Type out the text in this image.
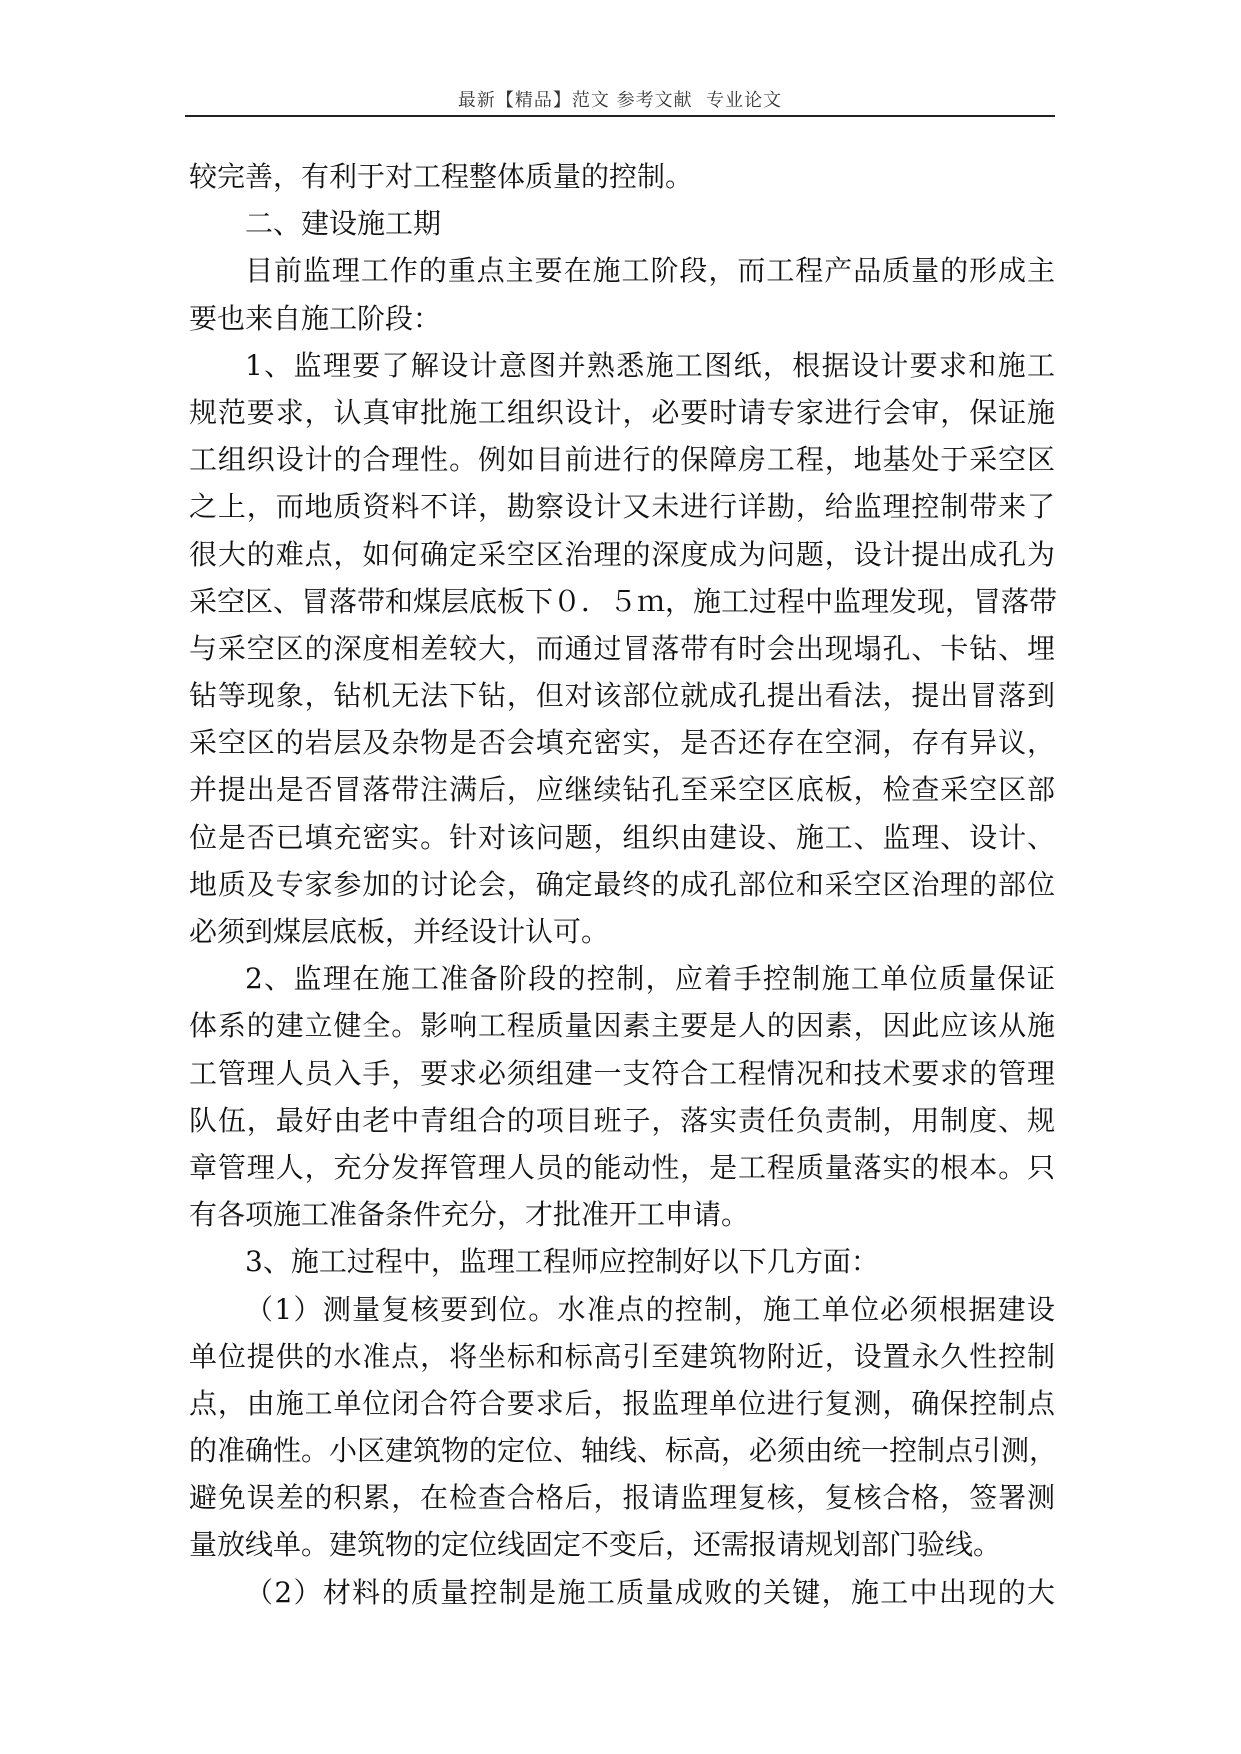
最新【精品】范文 参考文献  专业论文
较完善，有利于对工程整体质量的控制。
二、建设施工期
目前监理工作的重点主要在施工阶段，而工程产品质量的形成主
要也来自施工阶段：
1、监理要了解设计意图并熟悉施工图纸，根据设计要求和施工
规范要求，认真审批施工组织设计，必要时请专家进行会审，保证施
工组织设计的合理性。例如目前进行的保障房工程，地基处于采空区
之上，而地质资料不详，勘察设计又未进行详勘，给监理控制带来了
很大的难点，如何确定采空区治理的深度成为问题，设计提出成孔为
采空区、冒落带和煤层底板下０．５ｍ，施工过程中监理发现，冒落带
与采空区的深度相差较大，而通过冒落带有时会出现塌孔、卡钻、埋
钻等现象，钻机无法下钻，但对该部位就成孔提出看法，提出冒落到
采空区的岩层及杂物是否会填充密实，是否还存在空洞，存有异议，
并提出是否冒落带注满后，应继续钻孔至采空区底板，检查采空区部
位是否已填充密实。针对该问题，组织由建设、施工、监理、设计、
地质及专家参加的讨论会，确定最终的成孔部位和采空区治理的部位
必须到煤层底板，并经设计认可。
2、监理在施工准备阶段的控制，应着手控制施工单位质量保证
体系的建立健全。影响工程质量因素主要是人的因素，因此应该从施
工管理人员入手，要求必须组建一支符合工程情况和技术要求的管理
队伍，最好由老中青组合的项目班子，落实责任负责制，用制度、规
章管理人，充分发挥管理人员的能动性，是工程质量落实的根本。只
有各项施工准备条件充分，才批准开工申请。
3、施工过程中，监理工程师应控制好以下几方面：
（1）测量复核要到位。水准点的控制，施工单位必须根据建设
单位提供的水准点，将坐标和标高引至建筑物附近，设置永久性控制
点，由施工单位闭合符合要求后，报监理单位进行复测，确保控制点
的准确性。小区建筑物的定位、轴线、标高，必须由统一控制点引测，
避免误差的积累，在检查合格后，报请监理复核，复核合格，签署测
量放线单。建筑物的定位线固定不变后，还需报请规划部门验线。
（2）材料的质量控制是施工质量成败的关键，施工中出现的大
